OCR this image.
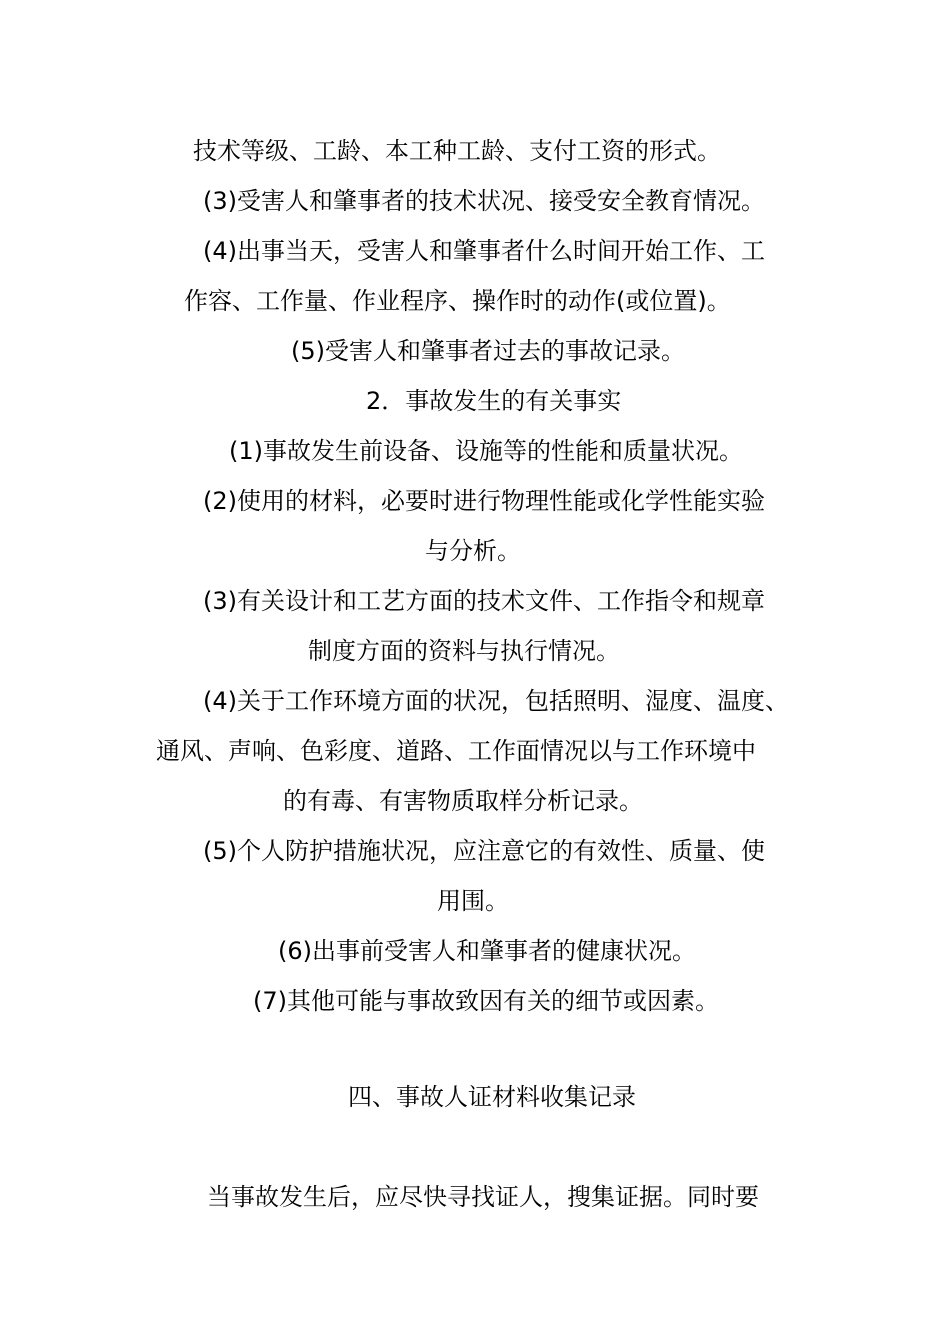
技术等级、工龄、本工种工龄、支付工资的形式。
(3)受害人和肇事者的技术状况、接受安全教育情况。
(4)出事当天，受害人和肇事者什么时间开始工作、工
作容、工作量、作业程序、操作时的动作(或位置)。
(5)受害人和肇事者过去的事故记录。
2．事故发生的有关事实
(1)事故发生前设备、设施等的性能和质量状况。
(2)使用的材料，必要时进行物理性能或化学性能实验
与分析。
(3)有关设计和工艺方面的技术文件、工作指令和规章
制度方面的资料与执行情况。
(4)关于工作环境方面的状况，包括照明、湿度、温度、
通风、声响、色彩度、道路、工作面情况以与工作环境中
的有毒、有害物质取样分析记录。
(5)个人防护措施状况，应注意它的有效性、质量、使
用围。
(6)出事前受害人和肇事者的健康状况。
(7)其他可能与事故致因有关的细节或因素。
四、事故人证材料收集记录
当事故发生后，应尽快寻找证人，搜集证据。同时要
